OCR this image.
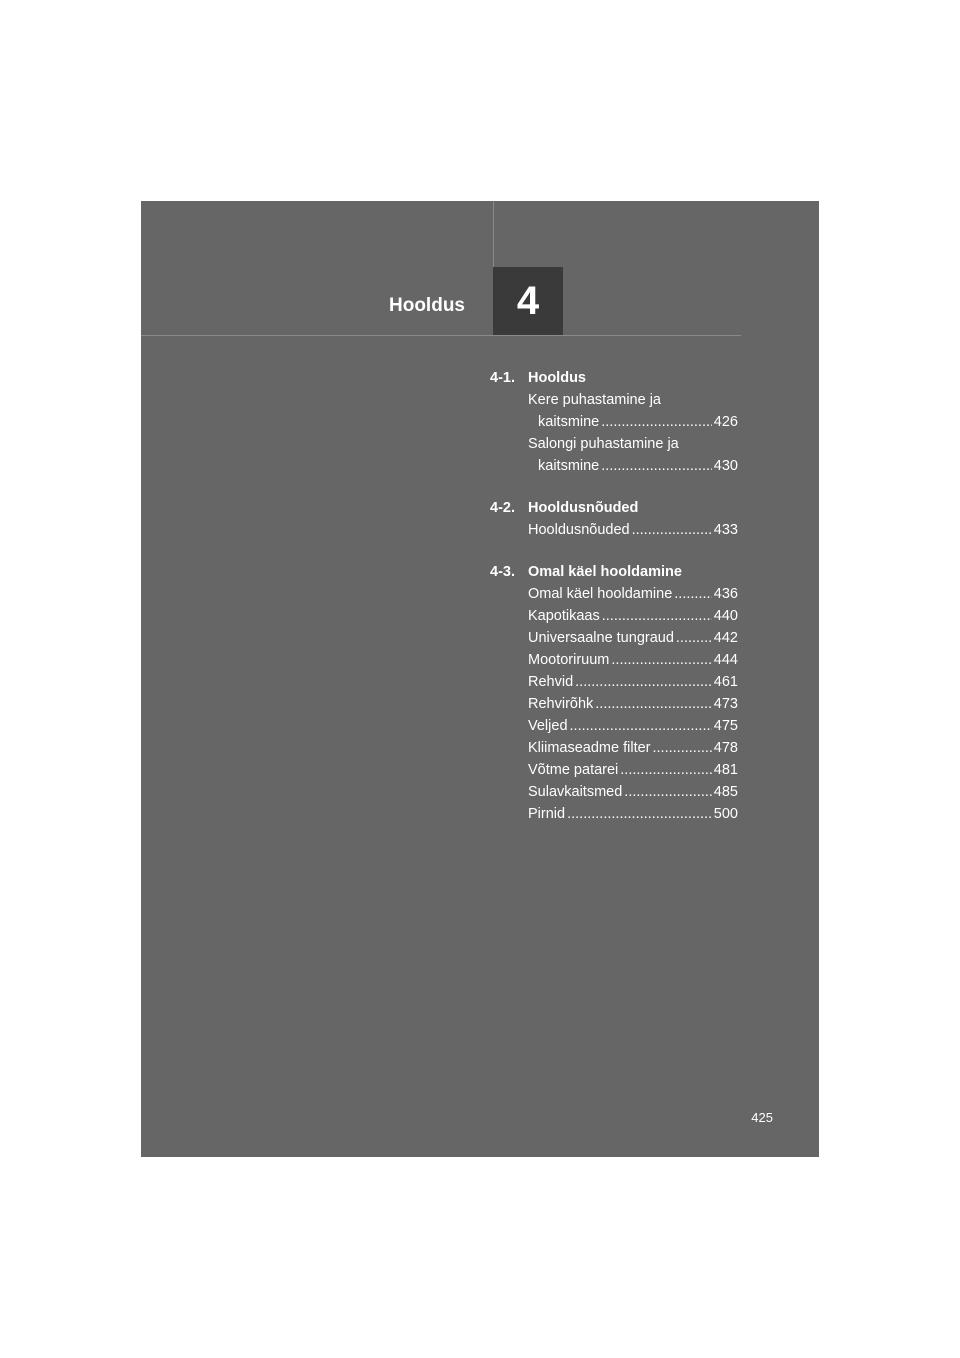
Hooldus 4
4-1. Hooldus
Kere puhastamine ja
kaitsmine .....	426
Salongi puhastamine ja
kaitsmine .....	430
4-2. Hooldusnõuded
Hooldusnõuded .....	433
4-3. Omal käel hooldamine
Omal käel hooldamine .....	436
Kapotikaas .....	440
Universaalne tungraud .....	442
Mootoriruum .....	444
Rehvid .....	461
Rehvirõhk .....	473
Veljed .....	475
Kliimaseadme filter .....	478
Võtme patarei .....	481
Sulavkaitsmed .....	485
Pirnid .....	500
425
